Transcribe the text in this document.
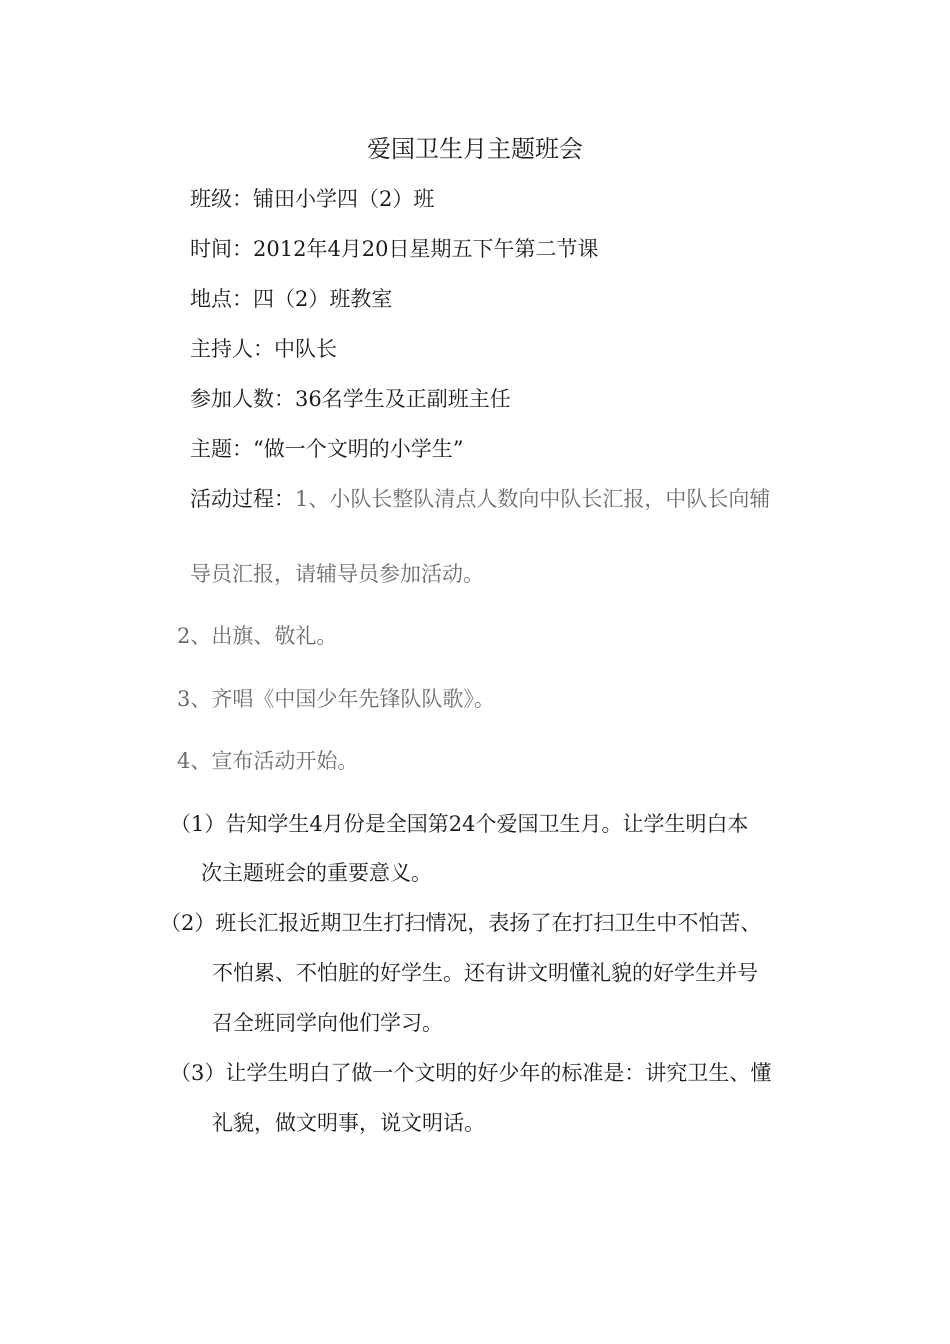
爱国卫生月主题班会
班级：铺田小学四（2）班
时间：2012年4月20日星期五下午第二节课
地点：四（2）班教室
主持人：中队长
参加人数：36名学生及正副班主任
主题：“做一个文明的小学生”
活动过程：1、小队长整队清点人数向中队长汇报，中队长向辅
导员汇报，请辅导员参加活动。
2、出旗、敬礼。
3、齐唱《中国少年先锋队队歌》。
4、宣布活动开始。
（1）告知学生4月份是全国第24个爱国卫生月。让学生明白本
次主题班会的重要意义。
（2）班长汇报近期卫生打扫情况，表扬了在打扫卫生中不怕苦、
不怕累、不怕脏的好学生。还有讲文明懂礼貌的好学生并号
召全班同学向他们学习。
（3）让学生明白了做一个文明的好少年的标准是：讲究卫生、懂
礼貌，做文明事，说文明话。
